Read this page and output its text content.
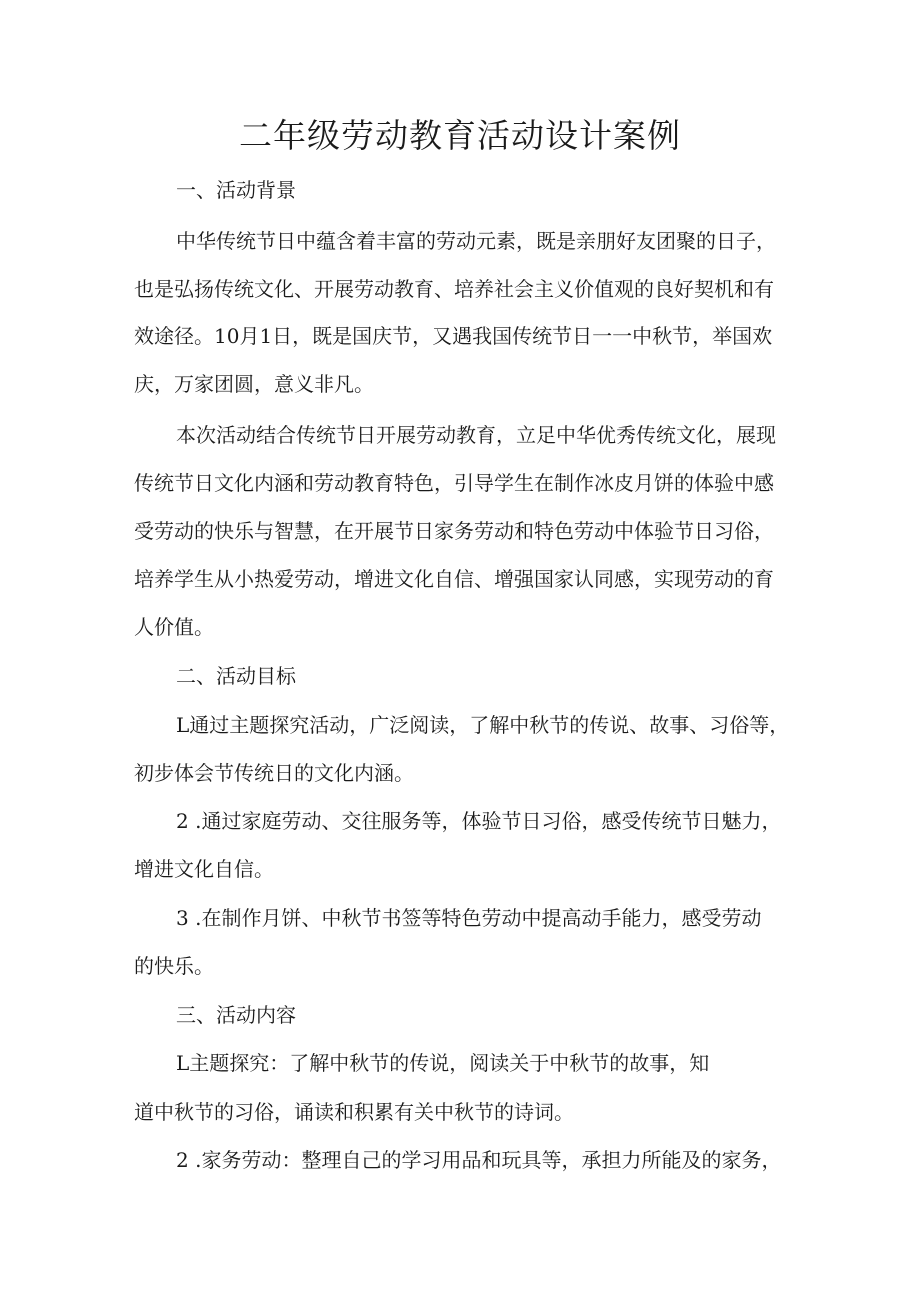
二年级劳动教育活动设计案例
一、活动背景
中华传统节日中蕴含着丰富的劳动元素，既是亲朋好友团聚的日子，
也是弘扬传统文化、开展劳动教育、培养社会主义价值观的良好契机和有
效途径。10月1日，既是国庆节，又遇我国传统节日一一中秋节，举国欢
庆，万家团圆，意义非凡。
本次活动结合传统节日开展劳动教育，立足中华优秀传统文化，展现
传统节日文化内涵和劳动教育特色，引导学生在制作冰皮月饼的体验中感
受劳动的快乐与智慧，在开展节日家务劳动和特色劳动中体验节日习俗，
培养学生从小热爱劳动，增进文化自信、增强国家认同感，实现劳动的育
人价值。
二、活动目标
L通过主题探究活动，广泛阅读，了解中秋节的传说、故事、习俗等，
初步体会节传统日的文化内涵。
2 .通过家庭劳动、交往服务等，体验节日习俗，感受传统节日魅力，
增进文化自信。
3 .在制作月饼、中秋节书签等特色劳动中提高动手能力，感受劳动
的快乐。
三、活动内容
L主题探究：了解中秋节的传说，阅读关于中秋节的故事，知
道中秋节的习俗，诵读和积累有关中秋节的诗词。
2 .家务劳动：整理自己的学习用品和玩具等，承担力所能及的家务，
